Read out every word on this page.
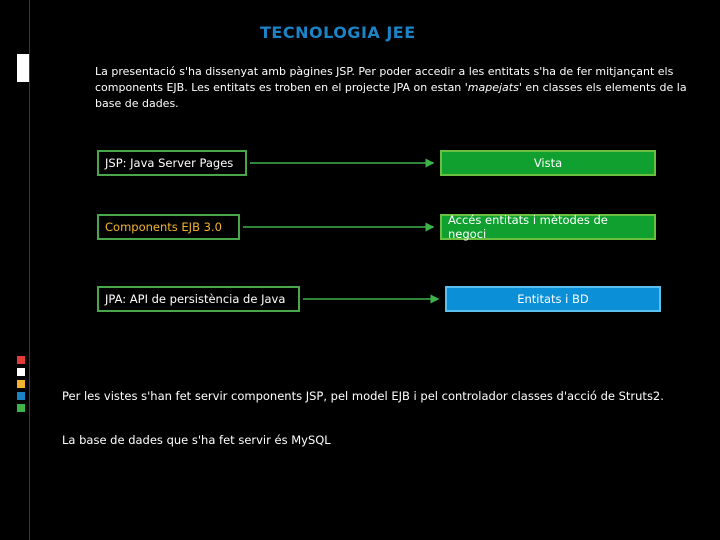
TECNOLOGIA JEE
La presentació s'ha dissenyat amb pàgines JSP. Per poder accedir a les entitats s'ha de fer mitjançant els components EJB. Les entitats es troben en el projecte JPA on estan 'mapejats' en classes els elements de la base de dades.
JSP: Java Server Pages
Components EJB 3.0
JPA: API de persistència de Java
Vista
Accés entitats i mètodes de negoci
Entitats i BD
Per les vistes s'han fet servir components JSP, pel model EJB i pel controlador classes d'acció de Struts2.
La base de dades que s'ha fet servir és MySQL
